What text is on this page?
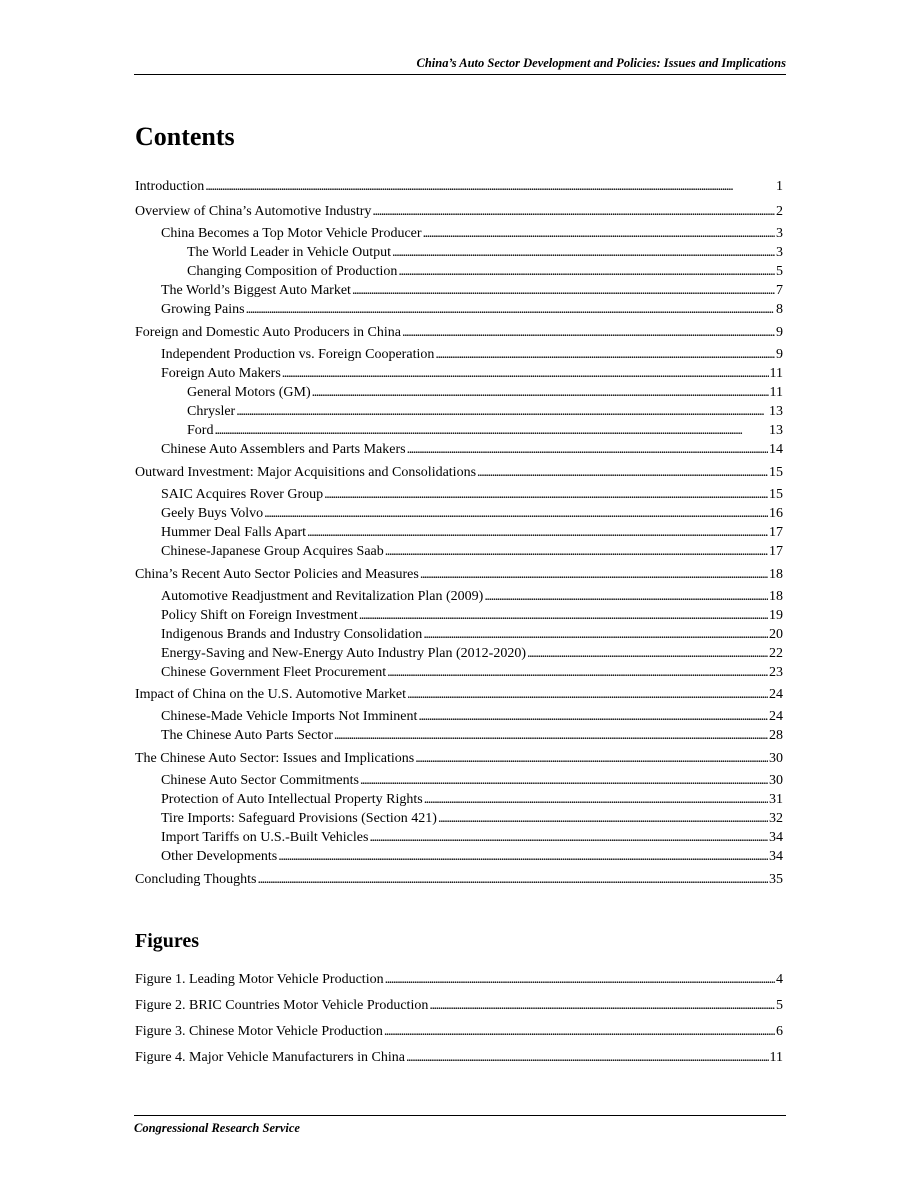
China’s Auto Sector Development and Policies: Issues and Implications
Contents
Introduction . . .	1
Overview of China’s Automotive Industry . . .	2
China Becomes a Top Motor Vehicle Producer . . .	3
The World Leader in Vehicle Output . . .	3
Changing Composition of Production . . .	5
The World’s Biggest Auto Market . . .	7
Growing Pains . . .	8
Foreign and Domestic Auto Producers in China . . .	9
Independent Production vs. Foreign Cooperation . . .	9
Foreign Auto Makers . . .	11
General Motors (GM) . . .	11
Chrysler . . .	13
Ford . . .	13
Chinese Auto Assemblers and Parts Makers . . .	14
Outward Investment: Major Acquisitions and Consolidations . . .	15
SAIC Acquires Rover Group . . .	15
Geely Buys Volvo . . .	16
Hummer Deal Falls Apart . . .	17
Chinese-Japanese Group Acquires Saab . . .	17
China’s Recent Auto Sector Policies and Measures . . .	18
Automotive Readjustment and Revitalization Plan (2009) . . .	18
Policy Shift on Foreign Investment . . .	19
Indigenous Brands and Industry Consolidation . . .	20
Energy-Saving and New-Energy Auto Industry Plan (2012-2020) . . .	22
Chinese Government Fleet Procurement . . .	23
Impact of China on the U.S. Automotive Market . . .	24
Chinese-Made Vehicle Imports Not Imminent . . .	24
The Chinese Auto Parts Sector . . .	28
The Chinese Auto Sector: Issues and Implications . . .	30
Chinese Auto Sector Commitments . . .	30
Protection of Auto Intellectual Property Rights . . .	31
Tire Imports: Safeguard Provisions (Section 421) . . .	32
Import Tariffs on U.S.-Built Vehicles . . .	34
Other Developments . . .	34
Concluding Thoughts . . .	35
Figures
Figure 1. Leading Motor Vehicle Production . . .	4
Figure 2. BRIC Countries Motor Vehicle Production . . .	5
Figure 3. Chinese Motor Vehicle Production . . .	6
Figure 4. Major Vehicle Manufacturers in China . . .	11
Congressional Research Service
